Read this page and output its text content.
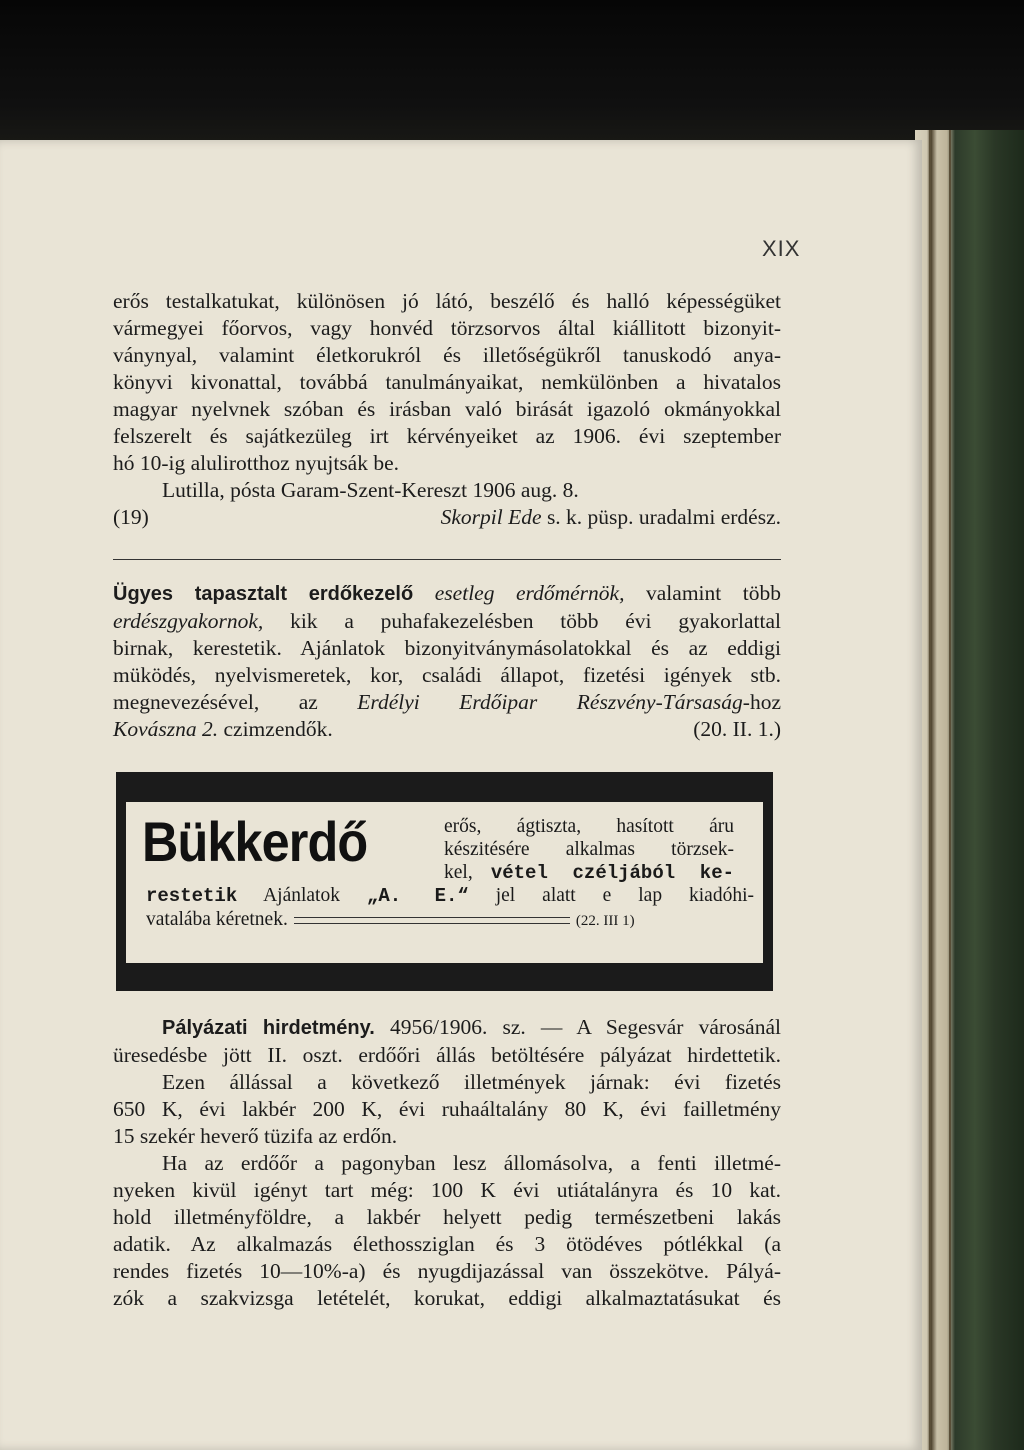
XIX
erős testalkatukat, különösen jó látó, beszélő és halló képességüket
vármegyei főorvos, vagy honvéd törzsorvos által kiállitott bizonyit-
ványnyal, valamint életkorukról és illetőségükről tanuskodó anya-
könyvi kivonattal, továbbá tanulmányaikat, nemkülönben a hivatalos
magyar nyelvnek szóban és irásban való birását igazoló okmányokkal
felszerelt és sajátkezüleg irt kérvényeiket az 1906. évi szeptember
hó 10-ig alulirotthoz nyujtsák be.
Lutilla, pósta Garam-Szent-Kereszt 1906 aug. 8.
(19)	Skorpil Ede s. k. püsp. uradalmi erdész.
Ügyes tapasztalt erdőkezelő esetleg erdőmérnök, valamint több
erdészgyakornok, kik a puhafakezelésben több évi gyakorlattal
birnak, kerestetik. Ajánlatok bizonyitványmásolatokkal és az eddigi
müködés, nyelvismeretek, kor, családi állapot, fizetési igények stb.
megnevezésével, az Erdélyi Erdőipar Részvény-Társaság-hoz
Kovászna 2. czimzendők.	(20. II. 1.)
Bükkerdő	erős, ágtiszta, hasított áru
készitésére alkalmas törzsek-
kel, vétel czéljából ke-
restetik Ajánlatok „A. E.“ jel alatt e lap kiadóhi-
vatalába kéretnek.	(22. III 1)
Pályázati hirdetmény. 4956/1906. sz. — A Segesvár városánál
üresedésbe jött II. oszt. erdőőri állás betöltésére pályázat hirdettetik.
Ezen állással a következő illetmények járnak: évi fizetés
650 K, évi lakbér 200 K, évi ruhaáltalány 80 K, évi failletmény
15 szekér heverő tüzifa az erdőn.
Ha az erdőőr a pagonyban lesz állomásolva, a fenti illetmé-
nyeken kivül igényt tart még: 100 K évi utiátalányra és 10 kat.
hold illetményföldre, a lakbér helyett pedig természetbeni lakás
adatik. Az alkalmazás élethossziglan és 3 ötödéves pótlékkal (a
rendes fizetés 10—10%-a) és nyugdijazással van összekötve. Pályá-
zók a szakvizsga letételét, korukat, eddigi alkalmaztatásukat és
